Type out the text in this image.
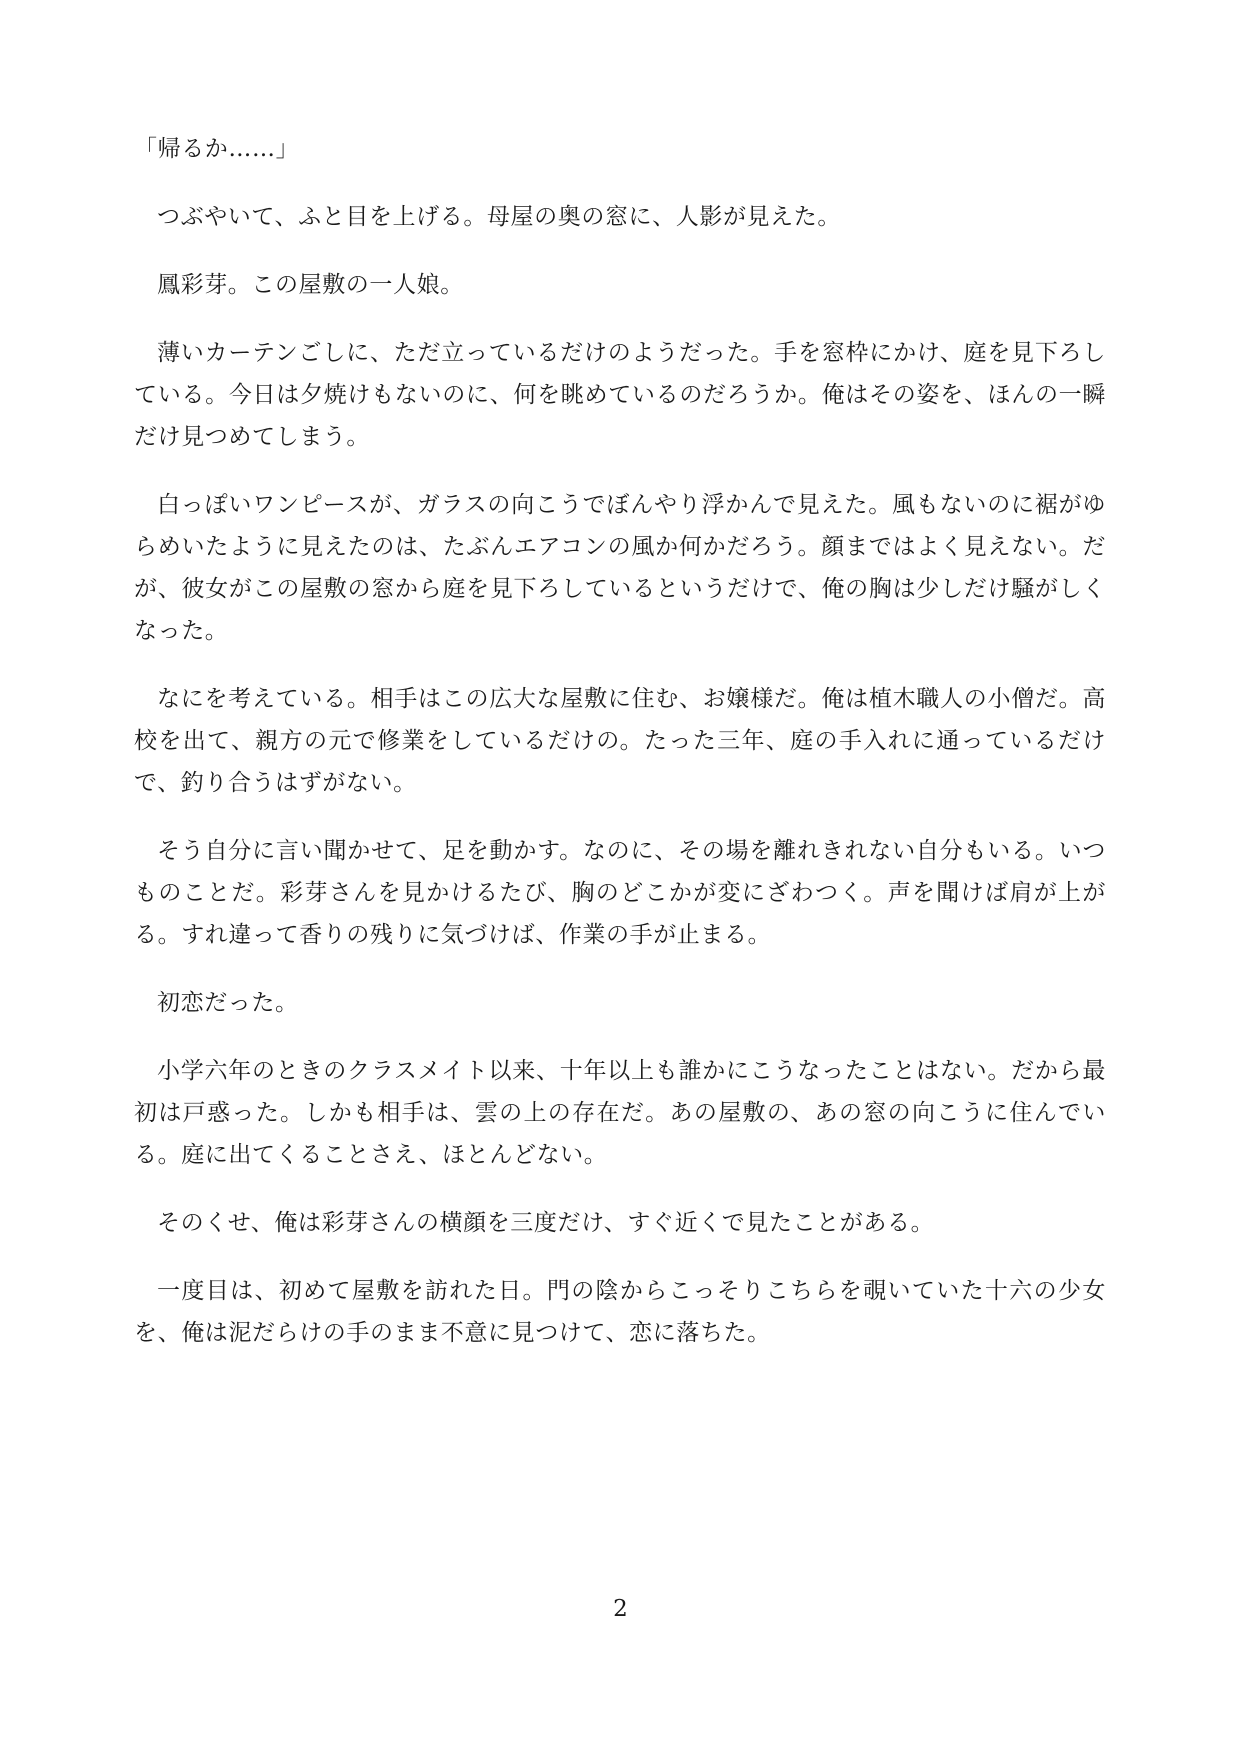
「帰るか……」

つぶやいて、ふと目を上げる。母屋の奥の窓に、人影が見えた。

鳳彩芽。この屋敷の一人娘。

薄いカーテンごしに、ただ立っているだけのようだった。手を窓枠にかけ、庭を見下ろしている。今日は夕焼けもないのに、何を眺めているのだろうか。俺はその姿を、ほんの一瞬だけ見つめてしまう。

白っぽいワンピースが、ガラスの向こうでぼんやり浮かんで見えた。風もないのに裾がゆらめいたように見えたのは、たぶんエアコンの風か何かだろう。顔まではよく見えない。だが、彼女がこの屋敷の窓から庭を見下ろしているというだけで、俺の胸は少しだけ騒がしくなった。

なにを考えている。相手はこの広大な屋敷に住む、お嬢様だ。俺は植木職人の小僧だ。高校を出て、親方の元で修業をしているだけの。たった三年、庭の手入れに通っているだけで、釣り合うはずがない。

そう自分に言い聞かせて、足を動かす。なのに、その場を離れきれない自分もいる。いつものことだ。彩芽さんを見かけるたび、胸のどこかが変にざわつく。声を聞けば肩が上がる。すれ違って香りの残りに気づけば、作業の手が止まる。

初恋だった。

小学六年のときのクラスメイト以来、十年以上も誰かにこうなったことはない。だから最初は戸惑った。しかも相手は、雲の上の存在だ。あの屋敷の、あの窓の向こうに住んでいる。庭に出てくることさえ、ほとんどない。

そのくせ、俺は彩芽さんの横顔を三度だけ、すぐ近くで見たことがある。

一度目は、初めて屋敷を訪れた日。門の陰からこっそりこちらを覗いていた十六の少女を、俺は泥だらけの手のまま不意に見つけて、恋に落ちた。

2
